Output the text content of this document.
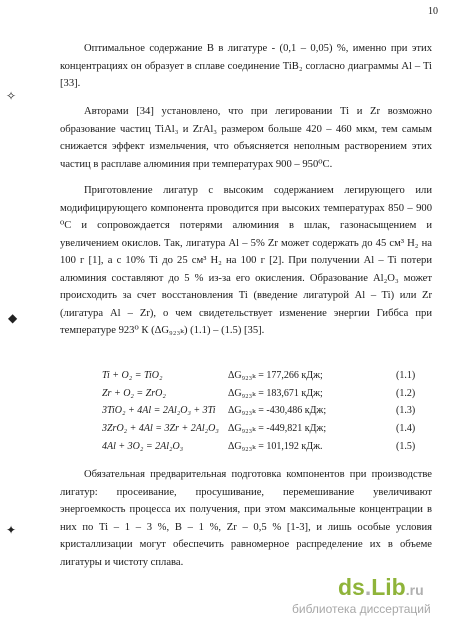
10

Оптимальное содержание B в лигатуре - (0,1 – 0,05) %, именно при этих концентрациях он образует в сплаве соединение TiB₂ согласно диаграммы Al – Ti [33].

Авторами [34] установлено, что при легировании Ti и Zr возможно образование частиц TiAl₃ и ZrAl₃ размером больше 420 – 460 мкм, тем самым снижается эффект измельчения, что объясняется неполным растворением этих частиц в расплаве алюминия при температурах 900 – 950⁰С.

Приготовление лигатур с высоким содержанием легирующего или модифицирующего компонента проводится при высоких температурах 850 – 900 ⁰С и сопровождается потерями алюминия в шлак, газонасыщением и увеличением окислов. Так, лигатура Al – 5% Zr может содержать до 45 см³ H₂ на 100 г [1], а с 10% Ti до 25 см³ H₂ на 100 г [2]. При получении Al – Ti потери алюминия составляют до 5 % из-за его окисления. Образование Al₂O₃ может происходить за счет восстановления Ti (введение лигатурой Al – Ti) или Zr (лигатура Al – Zr), о чем свидетельствует изменение энергии Гиббса при температуре 923⁰ К (ΔG₉₂₃ₖ) (1.1) – (1.5) [35].

Ti + O₂ = TiO₂	ΔG₉₂₃ₖ = 177,266 кДж;	(1.1)
Zr + O₂ = ZrO₂	ΔG₉₂₃ₖ = 183,671 кДж;	(1.2)
3TiO₂ + 4Al = 2Al₂O₃ + 3Ti ΔG₉₂₃ₖ = -430,486 кДж;	(1.3)
3ZrO₂ + 4Al = 3Zr + 2Al₂O₃ ΔG₉₂₃ₖ = -449,821 кДж;	(1.4)
4Al + 3O₂ = 2Al₂O₃	ΔG₉₂₃ₖ = 101,192 кДж.	(1.5)

Обязательная предварительная подготовка компонентов при производстве лигатур: просеивание, просушивание, перемешивание увеличивают энергоемкость процесса их получения, при этом максимальные концентрации в них по Ti – 1 – 3 %, B – 1 %, Zr – 0,5 % [1-3], и лишь особые условия кристаллизации могут обеспечить равномерное распределение их в объеме лигатуры и чистоту сплава.

✧
◆
✦
ds.Lib.ru
библиотека диссертаций
